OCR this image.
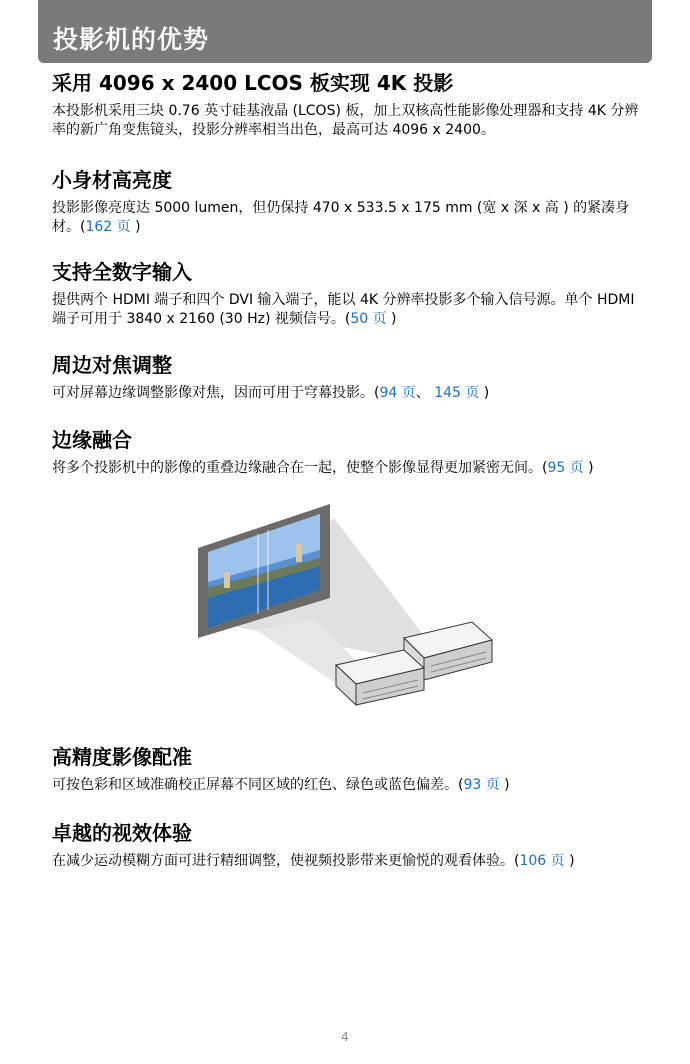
投影机的优势
采用 4096 x 2400 LCOS 板实现 4K 投影

本投影机采用三块 0.76 英寸硅基液晶 (LCOS) 板，加上双核高性能影像处理器和支持 4K 分辨率的新广角变焦镜头，投影分辨率相当出色，最高可达 4096 x 2400。

小身材高亮度

投影影像亮度达 5000 lumen，但仍保持 470 x 533.5 x 175 mm (宽 x 深 x 高 ) 的紧凑身材。(162 页 )

支持全数字输入

提供两个 HDMI 端子和四个 DVI 输入端子，能以 4K 分辨率投影多个输入信号源。单个 HDMI 端子可用于 3840 x 2160 (30 Hz) 视频信号。(50 页 )

周边对焦调整

可对屏幕边缘调整影像对焦，因而可用于穹幕投影。(94 页、 145 页 )

边缘融合

将多个投影机中的影像的重叠边缘融合在一起，使整个影像显得更加紧密无间。(95 页 )

高精度影像配准

可按色彩和区域准确校正屏幕不同区域的红色、绿色或蓝色偏差。(93 页 )

卓越的视效体验

在减少运动模糊方面可进行精细调整，使视频投影带来更愉悦的观看体验。(106 页 )

4
